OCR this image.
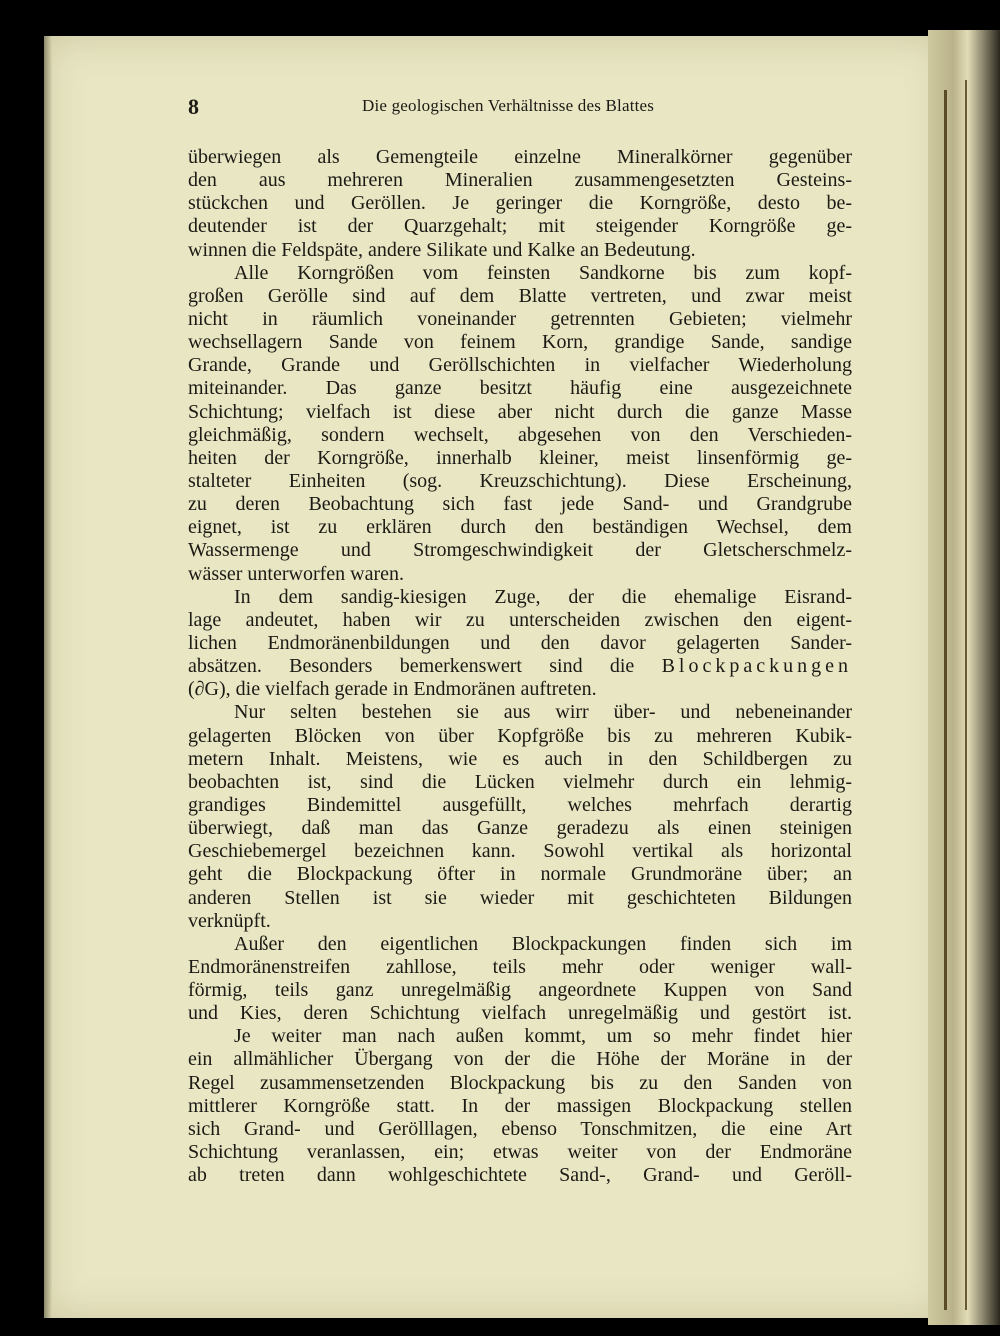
8	Die geologischen Verhältnisse des Blattes
überwiegen als Gemengteile einzelne Mineralkörner gegenüber
den aus mehreren Mineralien zusammengesetzten Gesteins-
stückchen und Geröllen. Je geringer die Korngröße, desto be-
deutender ist der Quarzgehalt; mit steigender Korngröße ge-
winnen die Feldspäte, andere Silikate und Kalke an Bedeutung.
Alle Korngrößen vom feinsten Sandkorne bis zum kopf-
großen Gerölle sind auf dem Blatte vertreten, und zwar meist
nicht in räumlich voneinander getrennten Gebieten; vielmehr
wechsellagern Sande von feinem Korn, grandige Sande, sandige
Grande, Grande und Geröllschichten in vielfacher Wiederholung
miteinander. Das ganze besitzt häufig eine ausgezeichnete
Schichtung; vielfach ist diese aber nicht durch die ganze Masse
gleichmäßig, sondern wechselt, abgesehen von den Verschieden-
heiten der Korngröße, innerhalb kleiner, meist linsenförmig ge-
stalteter Einheiten (sog. Kreuzschichtung). Diese Erscheinung,
zu deren Beobachtung sich fast jede Sand- und Grandgrube
eignet, ist zu erklären durch den beständigen Wechsel, dem
Wassermenge und Stromgeschwindigkeit der Gletscherschmelz-
wässer unterworfen waren.
In dem sandig-kiesigen Zuge, der die ehemalige Eisrand-
lage andeutet, haben wir zu unterscheiden zwischen den eigent-
lichen Endmoränenbildungen und den davor gelagerten Sander-
absätzen. Besonders bemerkenswert sind die Blockpackungen
(∂G), die vielfach gerade in Endmoränen auftreten.
Nur selten bestehen sie aus wirr über- und nebeneinander
gelagerten Blöcken von über Kopfgröße bis zu mehreren Kubik-
metern Inhalt. Meistens, wie es auch in den Schildbergen zu
beobachten ist, sind die Lücken vielmehr durch ein lehmig-
grandiges Bindemittel ausgefüllt, welches mehrfach derartig
überwiegt, daß man das Ganze geradezu als einen steinigen
Geschiebemergel bezeichnen kann. Sowohl vertikal als horizontal
geht die Blockpackung öfter in normale Grundmoräne über; an
anderen Stellen ist sie wieder mit geschichteten Bildungen
verknüpft.
Außer den eigentlichen Blockpackungen finden sich im
Endmoränenstreifen zahllose, teils mehr oder weniger wall-
förmig, teils ganz unregelmäßig angeordnete Kuppen von Sand
und Kies, deren Schichtung vielfach unregelmäßig und gestört ist.
Je weiter man nach außen kommt, um so mehr findet hier
ein allmählicher Übergang von der die Höhe der Moräne in der
Regel zusammensetzenden Blockpackung bis zu den Sanden von
mittlerer Korngröße statt. In der massigen Blockpackung stellen
sich Grand- und Gerölllagen, ebenso Tonschmitzen, die eine Art
Schichtung veranlassen, ein; etwas weiter von der Endmoräne
ab treten dann wohlgeschichtete Sand-, Grand- und Geröll-
